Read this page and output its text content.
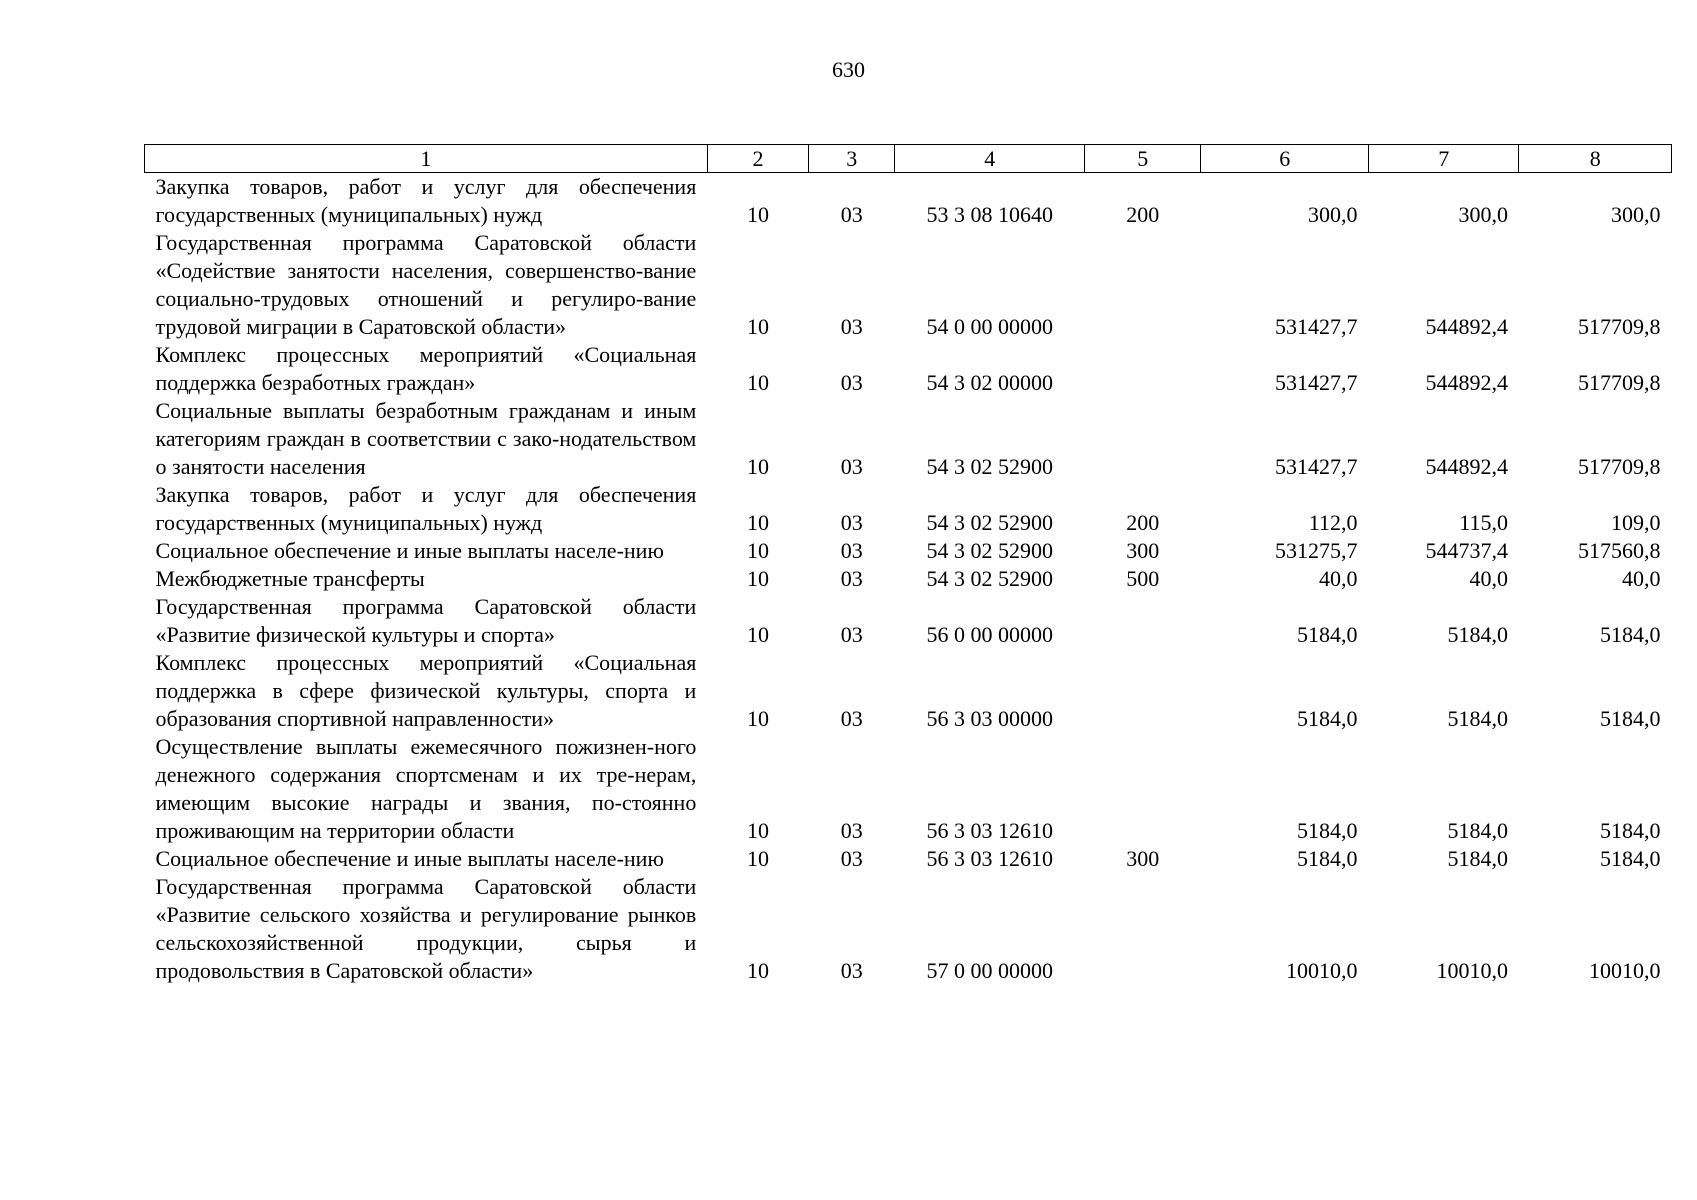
630
1	2	3	4	5	6	7	8
Закупка товаров, работ и услуг для обеспечения государственных (муниципальных) нужд	10	03	53 3 08 10640	200	300,0	300,0	300,0
Государственная программа Саратовской области «Содействие занятости населения, совершенство-вание социально-трудовых отношений и регулиро-вание трудовой миграции в Саратовской области»	10	03	54 0 00 00000		531427,7	544892,4	517709,8
Комплекс процессных мероприятий «Социальная поддержка безработных граждан»	10	03	54 3 02 00000		531427,7	544892,4	517709,8
Социальные выплаты безработным гражданам и иным категориям граждан в соответствии с зако-нодательством о занятости населения	10	03	54 3 02 52900		531427,7	544892,4	517709,8
Закупка товаров, работ и услуг для обеспечения государственных (муниципальных) нужд	10	03	54 3 02 52900	200	112,0	115,0	109,0
Социальное обеспечение и иные выплаты населе-нию	10	03	54 3 02 52900	300	531275,7	544737,4	517560,8
Межбюджетные трансферты	10	03	54 3 02 52900	500	40,0	40,0	40,0
Государственная программа Саратовской области «Развитие физической культуры и спорта»	10	03	56 0 00 00000		5184,0	5184,0	5184,0
Комплекс процессных мероприятий «Социальная поддержка в сфере физической культуры, спорта и образования спортивной направленности»	10	03	56 3 03 00000		5184,0	5184,0	5184,0
Осуществление выплаты ежемесячного пожизнен-ного денежного содержания спортсменам и их тре-нерам, имеющим высокие награды и звания, по-стоянно проживающим на территории области	10	03	56 3 03 12610		5184,0	5184,0	5184,0
Социальное обеспечение и иные выплаты населе-нию	10	03	56 3 03 12610	300	5184,0	5184,0	5184,0
Государственная программа Саратовской области «Развитие сельского хозяйства и регулирование рынков сельскохозяйственной продукции, сырья и продовольствия в Саратовской области»	10	03	57 0 00 00000		10010,0	10010,0	10010,0
